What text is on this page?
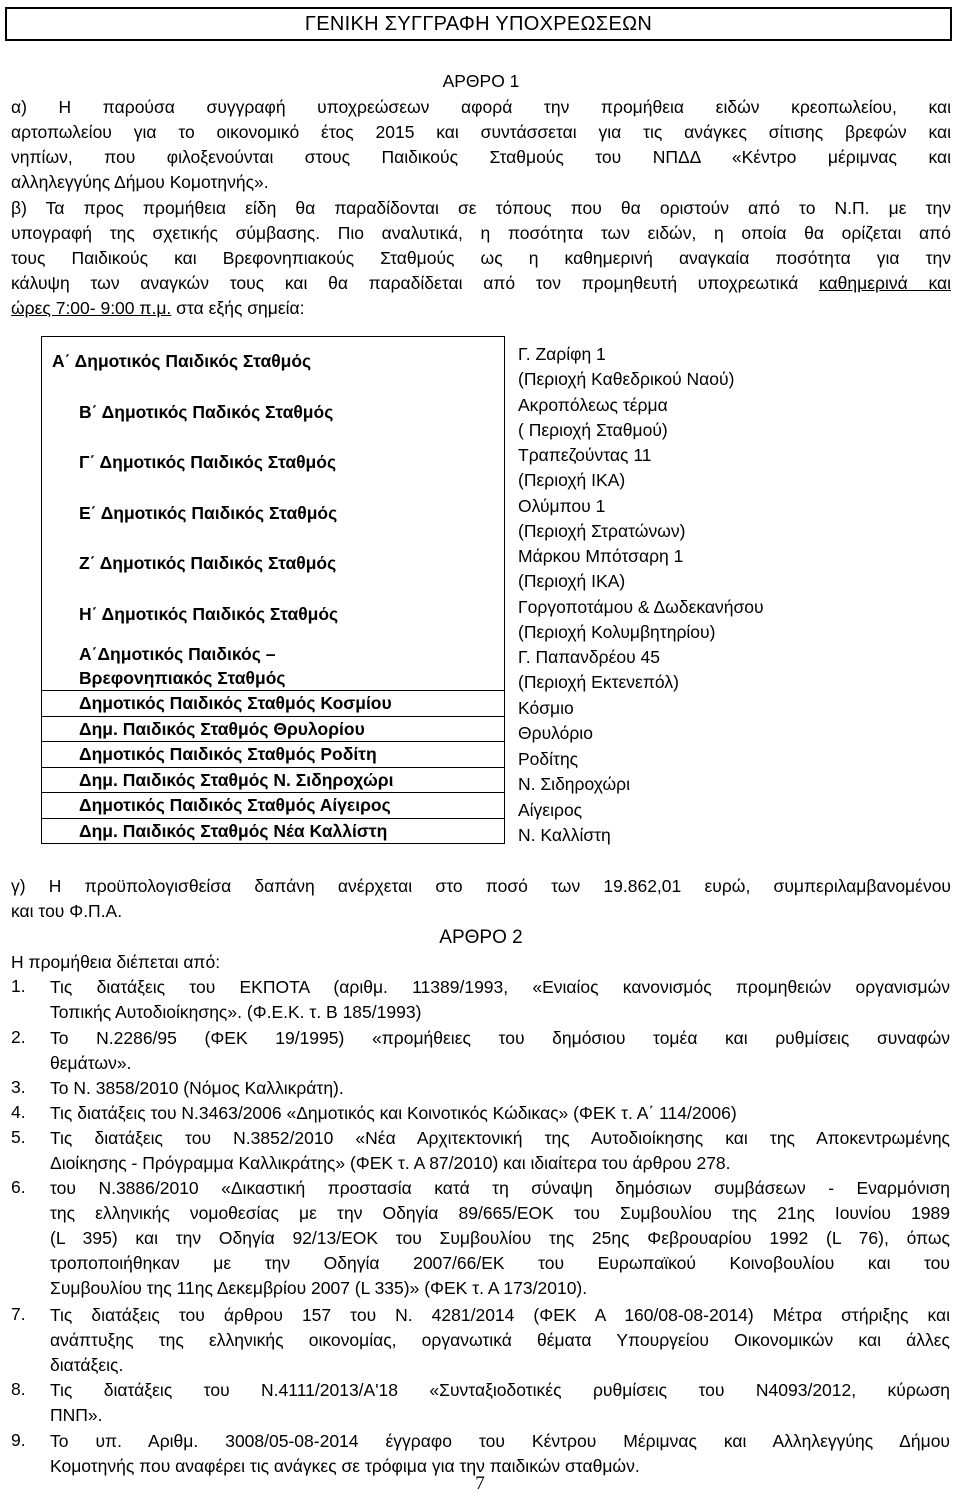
ΓΕΝΙΚΗ ΣΥΓΓΡΑΦΗ ΥΠΟΧΡΕΩΣΕΩΝ
ΑΡΘΡΟ 1
α) Η παρούσα συγγραφή υποχρεώσεων αφορά την προμήθεια ειδών κρεοπωλείου, και
αρτοπωλείου για το οικονομικό έτος 2015 και συντάσσεται για τις ανάγκες σίτισης βρεφών και
νηπίων, που φιλοξενούνται στους Παιδικούς Σταθμούς του ΝΠΔΔ «Κέντρο μέριμνας και
αλληλεγγύης Δήμου Κομοτηνής».
β) Τα προς προμήθεια είδη θα παραδίδονται σε τόπους που θα οριστούν από το Ν.Π. με την
υπογραφή της σχετικής σύμβασης. Πιο αναλυτικά, η ποσότητα των ειδών, η οποία θα ορίζεται από
τους Παιδικούς και Βρεφονηπιακούς Σταθμούς ως η καθημερινή αναγκαία ποσότητα για την
κάλυψη των αναγκών τους και θα παραδίδεται από τον προμηθευτή υποχρεωτικά καθημερινά και
ώρες 7:00- 9:00 π.μ. στα εξής σημεία:
Α΄ Δημοτικός Παιδικός Σταθμός
Β΄ Δημοτικός Παδικός Σταθμός
Γ΄ Δημοτικός Παιδικός Σταθμός
Ε΄ Δημοτικός Παιδικός Σταθμός
Ζ΄ Δημοτικός Παιδικός Σταθμός
Η΄ Δημοτικός Παιδικός Σταθμός
Α΄Δημοτικός Παιδικός –
Βρεφονηπιακός Σταθμός
Δημοτικός Παιδικός Σταθμός Κοσμίου
Δημ. Παιδικός Σταθμός Θρυλορίου
Δημοτικός Παιδικός Σταθμός Ροδίτη
Δημ. Παιδικός Σταθμός Ν. Σιδηροχώρι
Δημοτικός Παιδικός Σταθμός Αίγειρος
Δημ. Παιδικός Σταθμός Νέα Καλλίστη
Γ. Ζαρίφη 1
(Περιοχή Καθεδρικού Ναού)
Ακροπόλεως τέρμα
( Περιοχή Σταθμού)
Τραπεζούντας 11
(Περιοχή ΙΚΑ)
Ολύμπου 1
(Περιοχή Στρατώνων)
Μάρκου Μπότσαρη 1
(Περιοχή ΙΚΑ)
Γοργοποτάμου & Δωδεκανήσου
(Περιοχή Κολυμβητηρίου)
Γ. Παπανδρέου 45
(Περιοχή Εκτενεπόλ)
Κόσμιο
Θρυλόριο
Ροδίτης
Ν. Σιδηροχώρι
Αίγειρος
Ν. Καλλίστη
γ) Η προϋπολογισθείσα δαπάνη ανέρχεται στο ποσό των 19.862,01 ευρώ, συμπεριλαμβανομένου
και του Φ.Π.Α.
ΑΡΘΡΟ 2
Η προμήθεια διέπεται από:
1. Τις διατάξεις του ΕΚΠΟΤΑ (αριθμ. 11389/1993, «Ενιαίος κανονισμός προμηθειών οργανισμών
Τοπικής Αυτοδιοίκησης». (Φ.Ε.Κ. τ. Β 185/1993)
2. Το Ν.2286/95 (ΦΕΚ 19/1995) «προμήθειες του δημόσιου τομέα και ρυθμίσεις συναφών
θεμάτων».
3. Το Ν. 3858/2010 (Νόμος Καλλικράτη).
4. Τις διατάξεις του Ν.3463/2006 «Δημοτικός και Κοινοτικός Κώδικας» (ΦΕΚ τ. Α΄ 114/2006)
5. Τις διατάξεις του Ν.3852/2010 «Νέα Αρχιτεκτονική της Αυτοδιοίκησης και της Αποκεντρωμένης
Διοίκησης - Πρόγραμμα Καλλικράτης» (ΦΕΚ τ. Α 87/2010) και ιδιαίτερα του άρθρου 278.
6. του Ν.3886/2010 «Δικαστική προστασία κατά τη σύναψη δημόσιων συμβάσεων - Εναρμόνιση
της ελληνικής νομοθεσίας με την Οδηγία 89/665/ΕΟΚ του Συμβουλίου της 21ης Ιουνίου 1989
(L 395) και την Οδηγία 92/13/ΕΟΚ του Συμβουλίου της 25ης Φεβρουαρίου 1992 (L 76), όπως
τροποποιήθηκαν με την Οδηγία 2007/66/ΕΚ του Ευρωπαϊκού Κοινοβουλίου και του
Συμβουλίου της 11ης Δεκεμβρίου 2007 (L 335)» (ΦΕΚ τ. Α 173/2010).
7. Τις διατάξεις του άρθρου 157 του Ν. 4281/2014 (ΦΕΚ Α 160/08-08-2014) Μέτρα στήριξης και
ανάπτυξης της ελληνικής οικονομίας, οργανωτικά θέματα Υπουργείου Οικονομικών και άλλες
διατάξεις.
8. Τις διατάξεις του Ν.4111/2013/Α'18 «Συνταξιοδοτικές ρυθμίσεις του Ν4093/2012, κύρωση
ΠΝΠ».
9. Το υπ. Αριθμ. 3008/05-08-2014 έγγραφο του Κέντρου Μέριμνας και Αλληλεγγύης Δήμου
Κομοτηνής που αναφέρει τις ανάγκες σε τρόφιμα για την παιδικών σταθμών.
7
